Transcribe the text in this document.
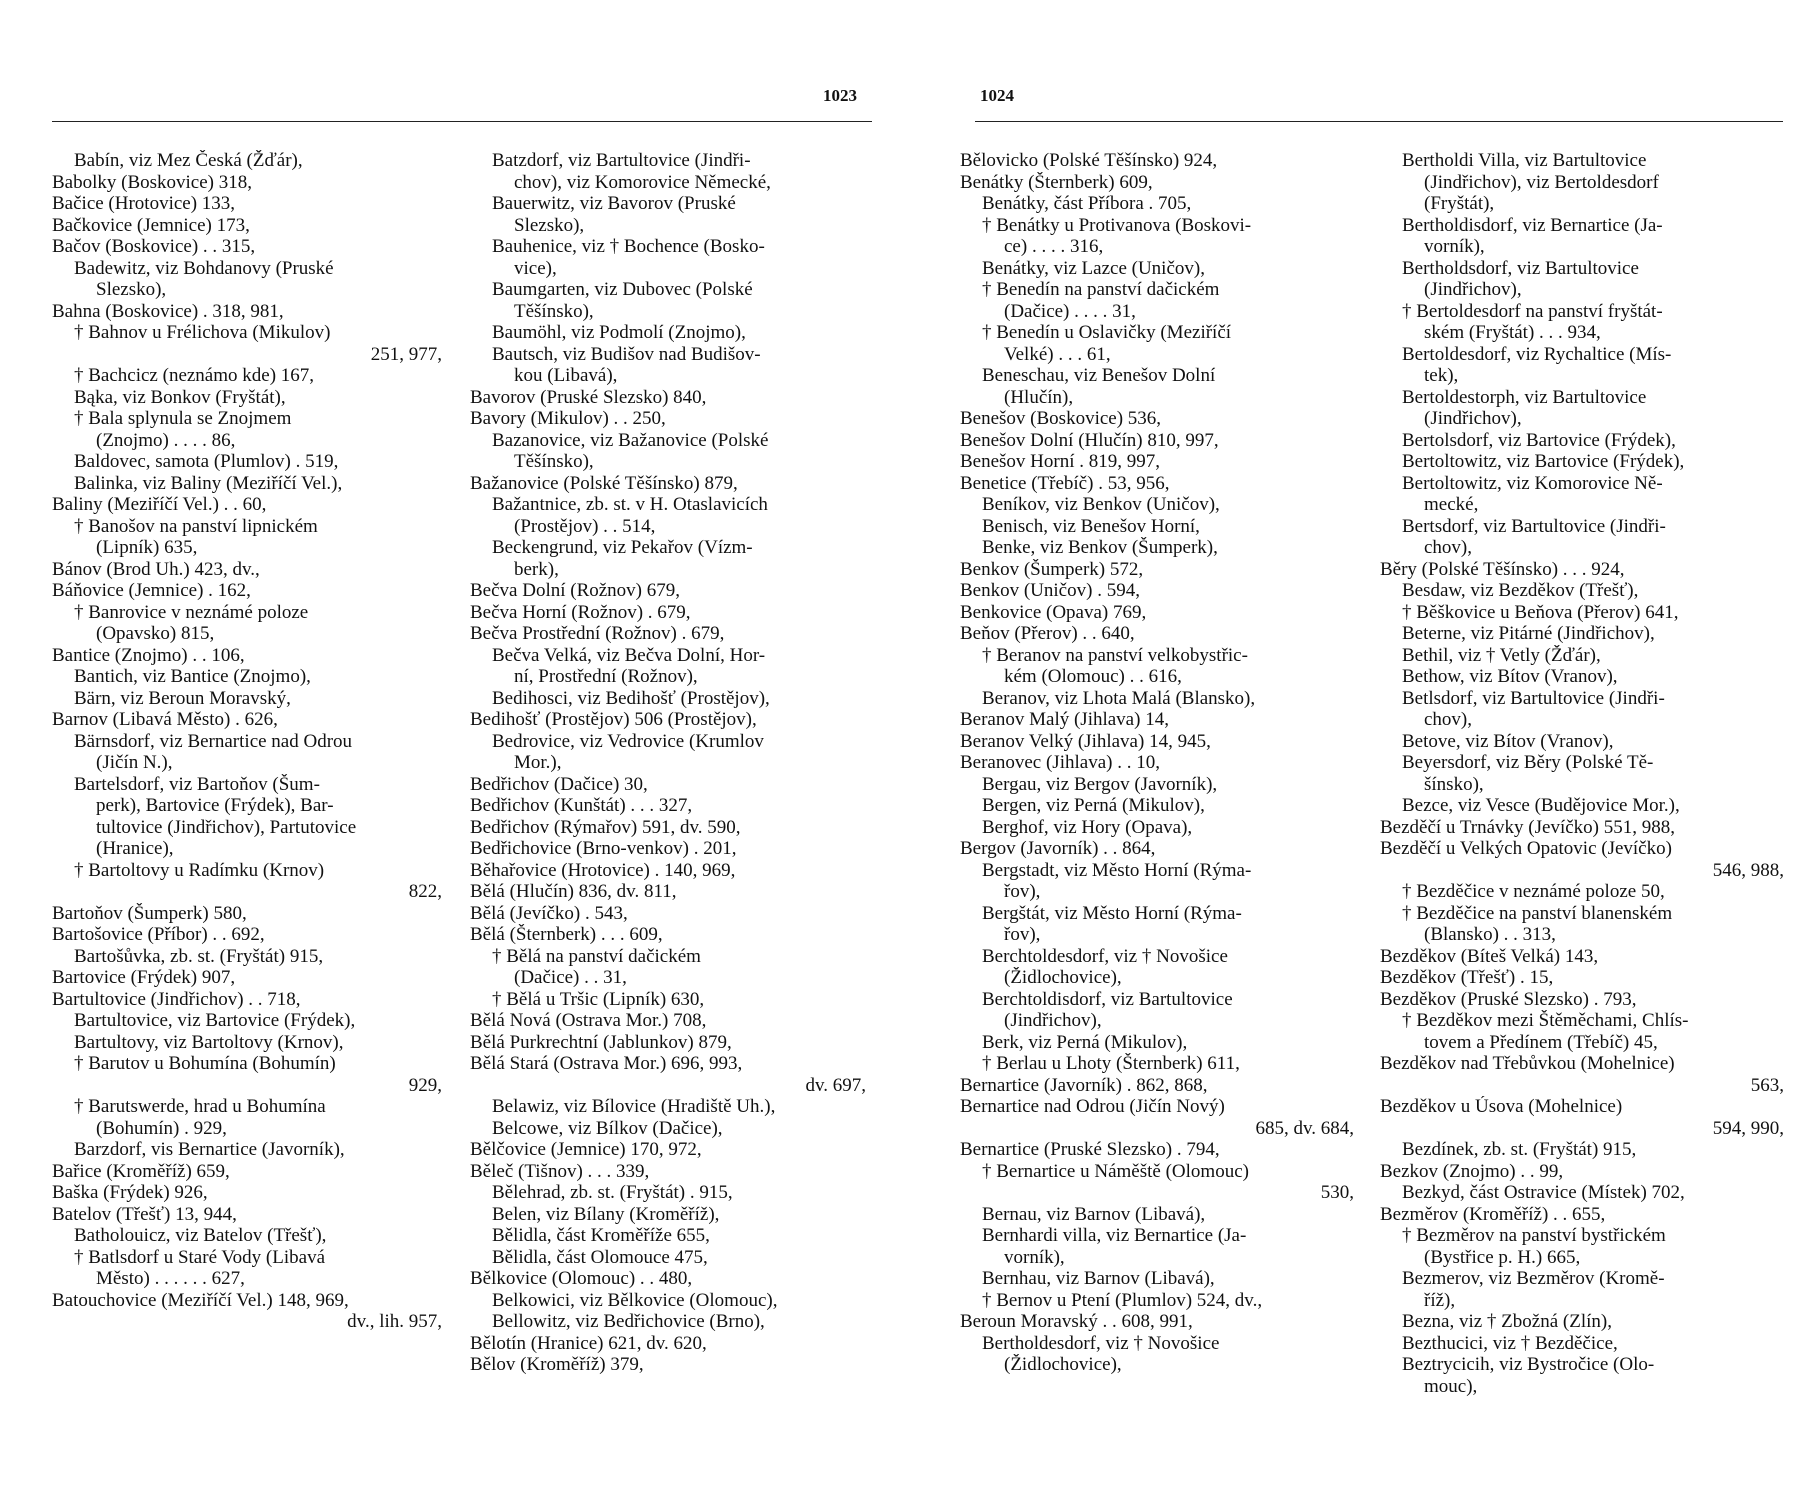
1023	1024
Babín, viz Mez Česká (Žďár),
Babolky (Boskovice) 318,
Bačice (Hrotovice) 133,
Bačkovice (Jemnice) 173,
Bačov (Boskovice) . . 315,
Badewitz, viz Bohdanovy (Pruské
Slezsko),
Bahna (Boskovice) . 318, 981,
† Bahnov u Frélichova (Mikulov)
251, 977,
† Bachcicz (neznámo kde) 167,
Bąka, viz Bonkov (Fryštát),
† Bala splynula se Znojmem
(Znojmo) . . . . 86,
Baldovec, samota (Plumlov) . 519,
Balinka, viz Baliny (Meziříčí Vel.),
Baliny (Meziříčí Vel.) . . 60,
† Banošov na panství lipnickém
(Lipník) 635,
Bánov (Brod Uh.) 423, dv.,
Báňovice (Jemnice) . 162,
† Banrovice v neznámé poloze
(Opavsko) 815,
Bantice (Znojmo) . . 106,
Bantich, viz Bantice (Znojmo),
Bärn, viz Beroun Moravský,
Barnov (Libavá Město) . 626,
Bärnsdorf, viz Bernartice nad Odrou
(Jičín N.),
Bartelsdorf, viz Bartoňov (Šum-
perk), Bartovice (Frýdek), Bar-
tultovice (Jindřichov), Partutovice
(Hranice),
† Bartoltovy u Radímku (Krnov)
822,
Bartoňov (Šumperk) 580,
Bartošovice (Příbor) . . 692,
Bartošůvka, zb. st. (Fryštát) 915,
Bartovice (Frýdek) 907,
Bartultovice (Jindřichov) . . 718,
Bartultovice, viz Bartovice (Frýdek),
Bartultovy, viz Bartoltovy (Krnov),
† Barutov u Bohumína (Bohumín)
929,
† Barutswerde, hrad u Bohumína
(Bohumín) . 929,
Barzdorf, vis Bernartice (Javorník),
Bařice (Kroměříž) 659,
Baška (Frýdek) 926,
Batelov (Třešť) 13, 944,
Batholouicz, viz Batelov (Třešť),
† Batlsdorf u Staré Vody (Libavá
Město) . . . . . . 627,
Batouchovice (Meziříčí Vel.) 148, 969,
dv., lih. 957,
Batzdorf, viz Bartultovice (Jindři-
chov), viz Komorovice Německé,
Bauerwitz, viz Bavorov (Pruské
Slezsko),
Bauhenice, viz † Bochence (Bosko-
vice),
Baumgarten, viz Dubovec (Polské
Těšínsko),
Baumöhl, viz Podmolí (Znojmo),
Bautsch, viz Budišov nad Budišov-
kou (Libavá),
Bavorov (Pruské Slezsko) 840,
Bavory (Mikulov) . . 250,
Bazanovice, viz Bažanovice (Polské
Těšínsko),
Bažanovice (Polské Těšínsko) 879,
Bažantnice, zb. st. v H. Otaslavicích
(Prostějov) . . 514,
Beckengrund, viz Pekařov (Vízm-
berk),
Bečva Dolní (Rožnov) 679,
Bečva Horní (Rožnov) . 679,
Bečva Prostřední (Rožnov) . 679,
Bečva Velká, viz Bečva Dolní, Hor-
ní, Prostřední (Rožnov),
Bedihosci, viz Bedihošť (Prostějov),
Bedihošť (Prostějov) 506 (Prostějov),
Bedrovice, viz Vedrovice (Krumlov
Mor.),
Bedřichov (Dačice) 30,
Bedřichov (Kunštát) . . . 327,
Bedřichov (Rýmařov) 591, dv. 590,
Bedřichovice (Brno-venkov) . 201,
Běhařovice (Hrotovice) . 140, 969,
Bělá (Hlučín) 836, dv. 811,
Bělá (Jevíčko) . 543,
Bělá (Šternberk) . . . 609,
† Bělá na panství dačickém
(Dačice) . . 31,
† Bělá u Tršic (Lipník) 630,
Bělá Nová (Ostrava Mor.) 708,
Bělá Purkrechtní (Jablunkov) 879,
Bělá Stará (Ostrava Mor.) 696, 993,
dv. 697,
Belawiz, viz Bílovice (Hradiště Uh.),
Belcowe, viz Bílkov (Dačice),
Bělčovice (Jemnice) 170, 972,
Běleč (Tišnov) . . . 339,
Bělehrad, zb. st. (Fryštát) . 915,
Belen, viz Bílany (Kroměříž),
Bělidla, část Kroměříže 655,
Bělidla, část Olomouce 475,
Bělkovice (Olomouc) . . 480,
Belkowici, viz Bělkovice (Olomouc),
Bellowitz, viz Bedřichovice (Brno),
Bělotín (Hranice) 621, dv. 620,
Bělov (Kroměříž) 379,
Bělovicko (Polské Těšínsko) 924,
Benátky (Šternberk) 609,
Benátky, část Příbora . 705,
† Benátky u Protivanova (Boskovi-
ce) . . . . 316,
Benátky, viz Lazce (Uničov),
† Benedín na panství dačickém
(Dačice) . . . . 31,
† Benedín u Oslavičky (Meziříčí
Velké) . . . 61,
Beneschau, viz Benešov Dolní
(Hlučín),
Benešov (Boskovice) 536,
Benešov Dolní (Hlučín) 810, 997,
Benešov Horní . 819, 997,
Benetice (Třebíč) . 53, 956,
Beníkov, viz Benkov (Uničov),
Benisch, viz Benešov Horní,
Benke, viz Benkov (Šumperk),
Benkov (Šumperk) 572,
Benkov (Uničov) . 594,
Benkovice (Opava) 769,
Beňov (Přerov) . . 640,
† Beranov na panství velkobystřic-
kém (Olomouc) . . 616,
Beranov, viz Lhota Malá (Blansko),
Beranov Malý (Jihlava) 14,
Beranov Velký (Jihlava) 14, 945,
Beranovec (Jihlava) . . 10,
Bergau, viz Bergov (Javorník),
Bergen, viz Perná (Mikulov),
Berghof, viz Hory (Opava),
Bergov (Javorník) . . 864,
Bergstadt, viz Město Horní (Rýma-
řov),
Bergštát, viz Město Horní (Rýma-
řov),
Berchtoldesdorf, viz † Novošice
(Židlochovice),
Berchtoldisdorf, viz Bartultovice
(Jindřichov),
Berk, viz Perná (Mikulov),
† Berlau u Lhoty (Šternberk) 611,
Bernartice (Javorník) . 862, 868,
Bernartice nad Odrou (Jičín Nový)
685, dv. 684,
Bernartice (Pruské Slezsko) . 794,
† Bernartice u Náměště (Olomouc)
530,
Bernau, viz Barnov (Libavá),
Bernhardi villa, viz Bernartice (Ja-
vorník),
Bernhau, viz Barnov (Libavá),
† Bernov u Ptení (Plumlov) 524, dv.,
Beroun Moravský . . 608, 991,
Bertholdesdorf, viz † Novošice
(Židlochovice),
Bertholdi Villa, viz Bartultovice
(Jindřichov), viz Bertoldesdorf
(Fryštát),
Bertholdisdorf, viz Bernartice (Ja-
vorník),
Bertholdsdorf, viz Bartultovice
(Jindřichov),
† Bertoldesdorf na panství fryštát-
ském (Fryštát) . . . 934,
Bertoldesdorf, viz Rychaltice (Mís-
tek),
Bertoldestorph, viz Bartultovice
(Jindřichov),
Bertolsdorf, viz Bartovice (Frýdek),
Bertoltowitz, viz Bartovice (Frýdek),
Bertoltowitz, viz Komorovice Ně-
mecké,
Bertsdorf, viz Bartultovice (Jindři-
chov),
Běry (Polské Těšínsko) . . . 924,
Besdaw, viz Bezděkov (Třešť),
† Běškovice u Beňova (Přerov) 641,
Beterne, viz Pitárné (Jindřichov),
Bethil, viz † Vetly (Žďár),
Bethow, viz Bítov (Vranov),
Betlsdorf, viz Bartultovice (Jindři-
chov),
Betove, viz Bítov (Vranov),
Beyersdorf, viz Běry (Polské Tě-
šínsko),
Bezce, viz Vesce (Budějovice Mor.),
Bezděčí u Trnávky (Jevíčko) 551, 988,
Bezděčí u Velkých Opatovic (Jevíčko)
546, 988,
† Bezděčice v neznámé poloze 50,
† Bezděčice na panství blanenském
(Blansko) . . 313,
Bezděkov (Bíteš Velká) 143,
Bezděkov (Třešť) . 15,
Bezděkov (Pruské Slezsko) . 793,
† Bezděkov mezi Štěměchami, Chlís-
tovem a Předínem (Třebíč) 45,
Bezděkov nad Třebůvkou (Mohelnice)
563,
Bezděkov u Úsova (Mohelnice)
594, 990,
Bezdínek, zb. st. (Fryštát) 915,
Bezkov (Znojmo) . . 99,
Bezkyd, část Ostravice (Místek) 702,
Bezměrov (Kroměříž) . . 655,
† Bezměrov na panství bystřickém
(Bystřice p. H.) 665,
Bezmerov, viz Bezměrov (Kromě-
říž),
Bezna, viz † Zbožná (Zlín),
Bezthucici, viz † Bezděčice,
Beztrycicih, viz Bystročice (Olo-
mouc),
